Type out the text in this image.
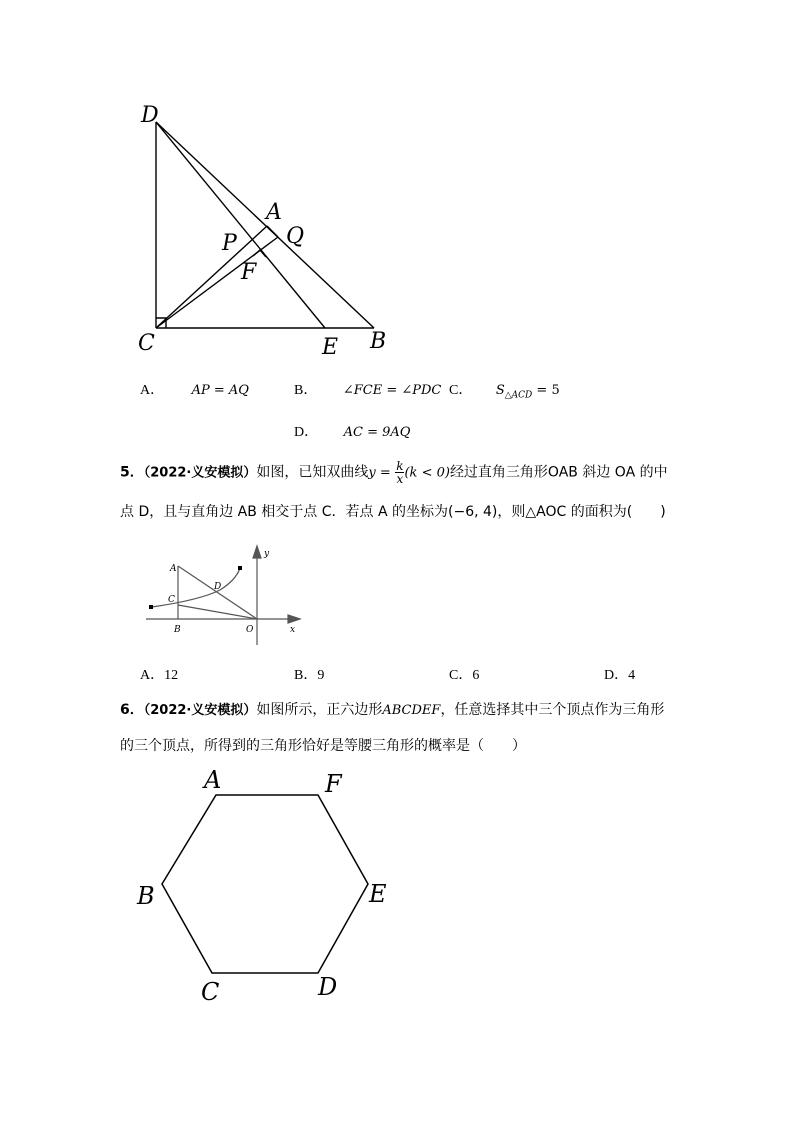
D
A
P Q
F
C	E B
A． AP = AQ	B． ∠FCE = ∠PDC C． $S_{\triangle ACD} = 5$
D． AC = 9AQ
5．（2022·义安模拟）如图，已知双曲线$y = \frac{k}{x} (k < 0)$经过直角三角形OAB 斜边 OA 的中
点 D，且与直角边 AB 相交于点 C．若点 A 的坐标为(−6, 4)，则△AOC 的面积为(　　)
A
C
D
B	O	x
y
A．12	B．9	C．6	D．4
6．（2022·义安模拟）如图所示，正六边形ABCDEF，任意选择其中三个顶点作为三角形
的三个顶点，所得到的三角形恰好是等腰三角形的概率是（　　）
A	F
B	E
C	D
